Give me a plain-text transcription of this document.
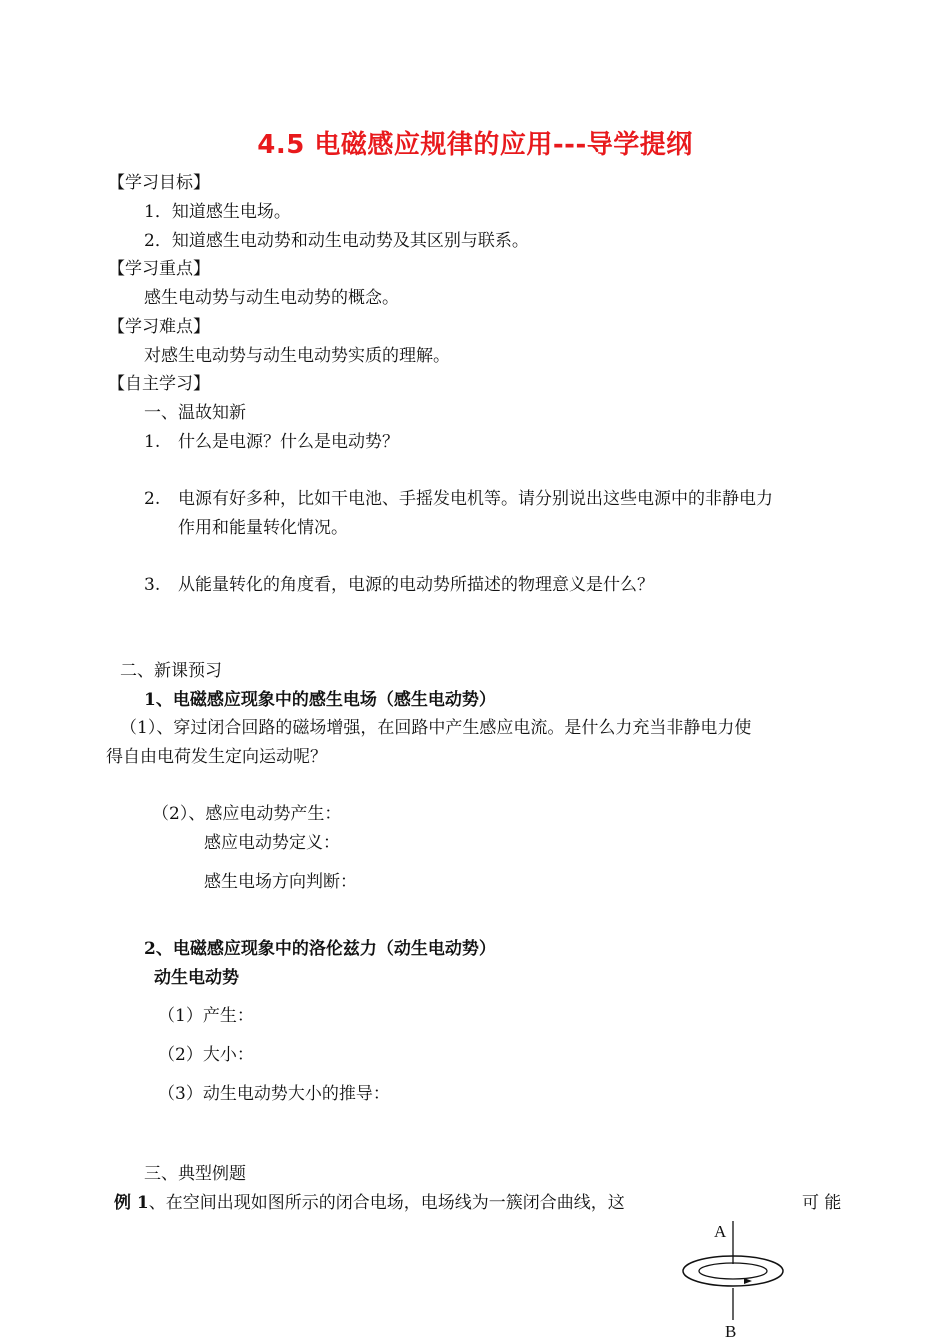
4.5 电磁感应规律的应用---导学提纲
【学习目标】
1．知道感生电场。
2．知道感生电动势和动生电动势及其区别与联系。
【学习重点】
感生电动势与动生电动势的概念。
【学习难点】
对感生电动势与动生电动势实质的理解。
【自主学习】
一、温故知新
1. 什么是电源？什么是电动势？
2. 电源有好多种，比如干电池、手摇发电机等。请分别说出这些电源中的非静电力
作用和能量转化情况。
3. 从能量转化的角度看，电源的电动势所描述的物理意义是什么？
二、新课预习
1、电磁感应现象中的感生电场（感生电动势）
（1）、穿过闭合回路的磁场增强，在回路中产生感应电流。是什么力充当非静电力使
得自由电荷发生定向运动呢？
（2）、感应电动势产生：
感应电动势定义：
感生电场方向判断：
2、电磁感应现象中的洛伦兹力（动生电动势）
动生电动势
（1）产生：
（2）大小：
（3）动生电动势大小的推导：
三、典型例题
例 1、在空间出现如图所示的闭合电场，电场线为一簇闭合曲线，这	可 能
A
B
